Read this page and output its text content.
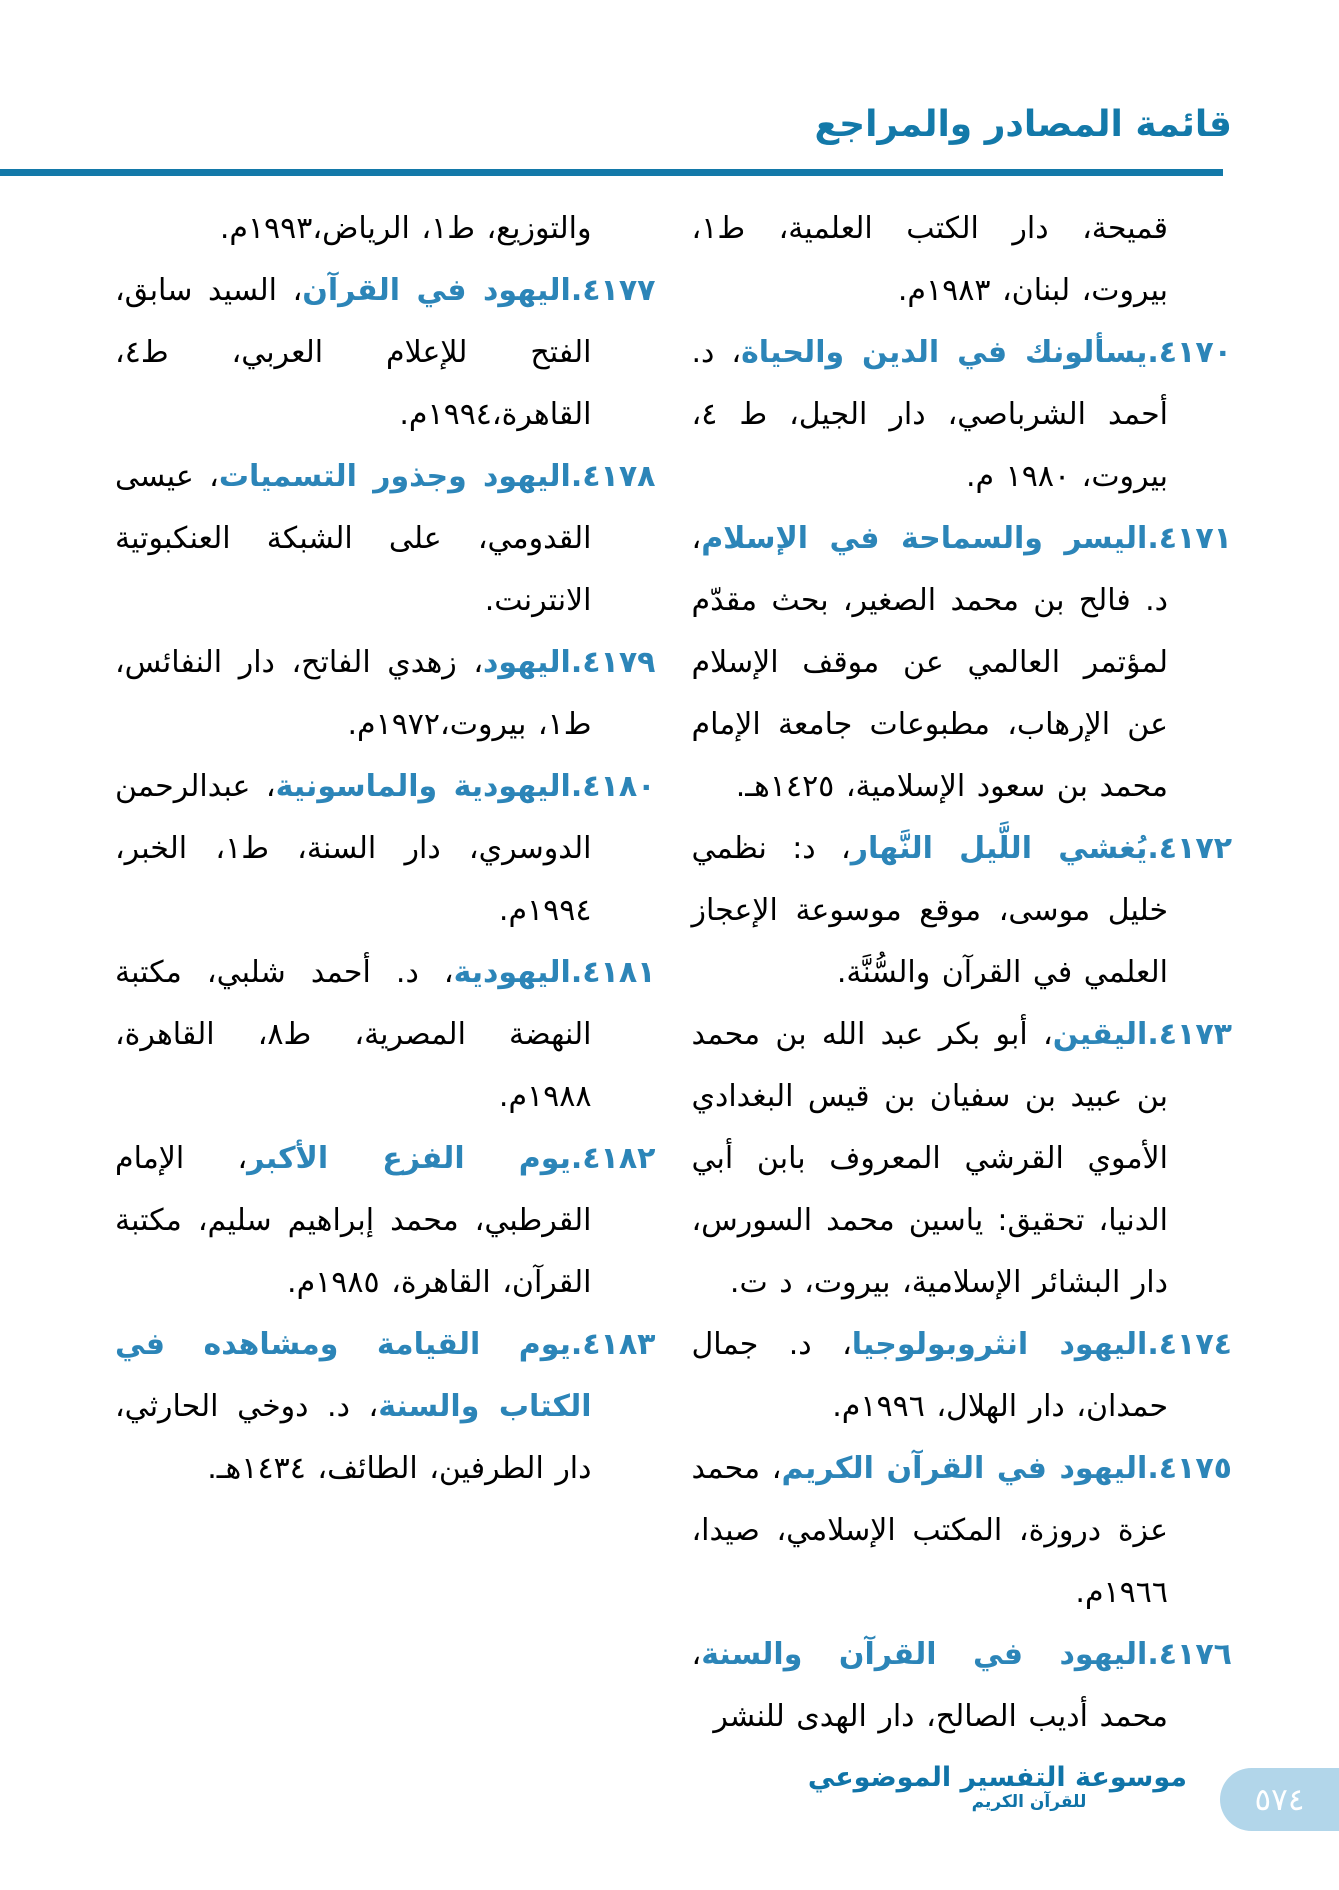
قائمة المصادر والمراجع

قميحة، دار الكتب العلمية، ط١، بيروت، لبنان، ١٩٨٣م.

٤١٧٠.يسألونك في الدين والحياة، د. أحمد الشرباصي، دار الجيل، ط ٤، بيروت، ١٩٨٠ م.

٤١٧١.اليسر والسماحة في الإسلام، د. فالح بن محمد الصغير، بحث مقدّم لمؤتمر العالمي عن موقف الإسلام عن الإرهاب، مطبوعات جامعة الإمام محمد بن سعود الإسلامية، ١٤٢٥هـ.

٤١٧٢.يُغشي اللَّيل النَّهار، د: نظمي خليل موسى، موقع موسوعة الإعجاز العلمي في القرآن والسُّنَّة.

٤١٧٣.اليقين، أبو بكر عبد الله بن محمد بن عبيد بن سفيان بن قيس البغدادي الأموي القرشي المعروف بابن أبي الدنيا، تحقيق: ياسين محمد السورس، دار البشائر الإسلامية، بيروت، د ت.

٤١٧٤.اليهود انثروبولوجيا، د. جمال حمدان، دار الهلال، ١٩٩٦م.

٤١٧٥.اليهود في القرآن الكريم، محمد عزة دروزة، المكتب الإسلامي، صيدا، ١٩٦٦م.

٤١٧٦.اليهود في القرآن والسنة، محمد أديب الصالح، دار الهدى للنشر

والتوزيع، ط١، الرياض،١٩٩٣م.

٤١٧٧.اليهود في القرآن، السيد سابق، الفتح للإعلام العربي، ط٤، القاهرة،١٩٩٤م.

٤١٧٨.اليهود وجذور التسميات، عيسى القدومي، على الشبكة العنكبوتية الانترنت.

٤١٧٩.اليهود، زهدي الفاتح، دار النفائس، ط١، بيروت،١٩٧٢م.

٤١٨٠.اليهودية والماسونية، عبدالرحمن الدوسري، دار السنة، ط١، الخبر، ١٩٩٤م.

٤١٨١.اليهودية، د. أحمد شلبي، مكتبة النهضة المصرية، ط٨، القاهرة، ١٩٨٨م.

٤١٨٢.يوم الفزع الأكبر، الإمام القرطبي، محمد إبراهيم سليم، مكتبة القرآن، القاهرة، ١٩٨٥م.

٤١٨٣.يوم القيامة ومشاهده في الكتاب والسنة، د. دوخي الحارثي، دار الطرفين، الطائف، ١٤٣٤هـ.

موسوعة التفسير الموضوعي
للقرآن الكريم	٥٧٤
